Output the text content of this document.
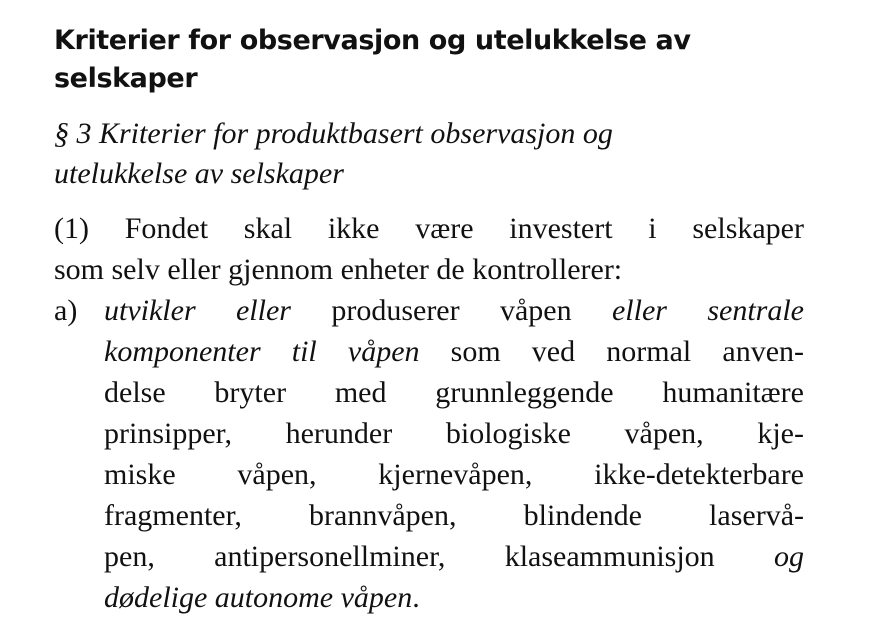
Kriterier for observasjon og utelukkelse av
selskaper
§ 3 Kriterier for produktbasert observasjon og
utelukkelse av selskaper
(1) Fondet skal ikke være investert i selskaper
som selv eller gjennom enheter de kontrollerer:
a) utvikler eller produserer våpen eller sentrale
komponenter til våpen som ved normal anven-
delse bryter med grunnleggende humanitære
prinsipper, herunder biologiske våpen, kje-
miske våpen, kjernevåpen, ikke-detekterbare
fragmenter, brannvåpen, blindende laservå-
pen, antipersonellminer, klaseammunisjon og
dødelige autonome våpen.
